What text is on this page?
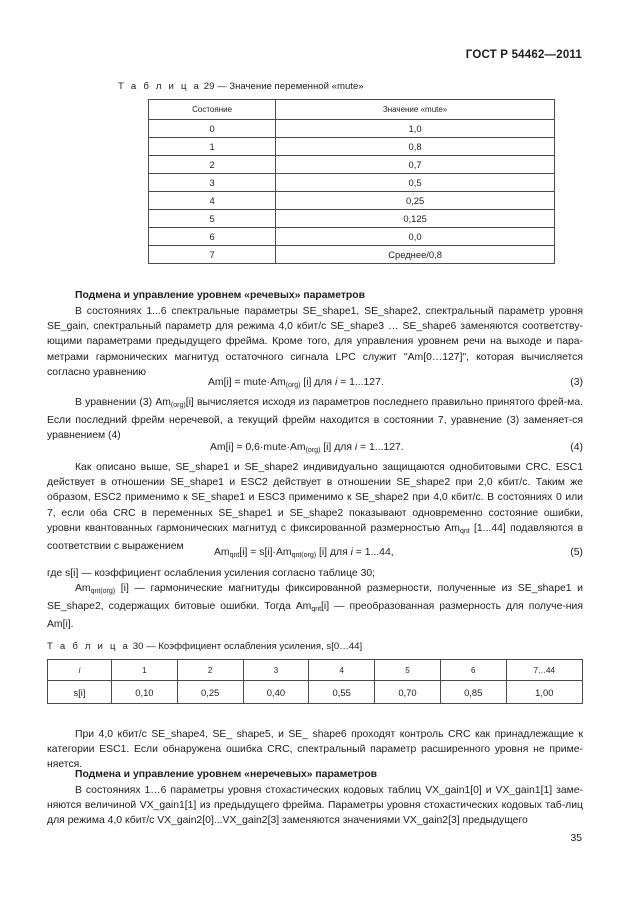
ГОСТ Р 54462—2011
Т а б л и ц а 29 — Значение переменной «mute»
Состояние	Значение «mute»
0	1,0
1	0,8
2	0,7
3	0,5
4	0,25
5	0,125
6	0,0
7	Среднее/0,8
Подмена и управление уровнем «речевых» параметров
В состояниях 1...6 спектральные параметры SE_shape1, SE_shape2, спектральный параметр уровня SE_gain, спектральный параметр для режима 4,0 кбит/с SE_shape3 … SE_shape6 заменяются соответству-ющими параметрами предыдущего фрейма. Кроме того, для управления уровнем речи на выходе и пара-метрами гармонических магнитуд остаточного сигнала LPC служит "Am[0…127]", которая вычисляется согласно уравнению
$Am[i] = mute\cdot Am_{(org)}$ [i] для i = 1...127.	(3)
В уравнении (3) $Am_{(org)}[i]$ вычисляется исходя из параметров последнего правильно принятого фрей-ма. Если последний фрейм неречевой, а текущий фрейм находится в состоянии 7, уравнение (3) заменяет-ся уравнением (4)
$Am[i] = 0,6\cdot mute\cdot Am_{(org)}$ [i] для i = 1...127.	(4)
Как описано выше, SE_shape1 и SE_shape2 индивидуально защищаются однобитовыми CRC. ESC1 действует в отношении SE_shape1 и ESC2 действует в отношении SE_shape2 при 2,0 кбит/с. Таким же образом, ESC2 применимо к SE_shape1 и ESC3 применимо к SE_shape2 при 4,0 кбит/с. В состояниях 0 или 7, если оба CRC в переменных SE_shape1 и SE_shape2 показывают одновременно состояние ошибки, уровни квантованных гармонических магнитуд с фиксированной размерностью $Am_{qnt}$ [1...44] подавляются в соответствии с выражением
$Am_{qnt}[i] = s[i]\cdot Am_{qnt(org)}$ [i] для i = 1...44,	(5)
где s[i] — коэффициент ослабления усиления согласно таблице 30;
$Am_{qnt(org)}$ [i] — гармонические магнитуды фиксированной размерности, полученные из SE_shape1 и SE_shape2, содержащих битовые ошибки. Тогда $Am_{qnt}[i]$ — преобразованная размерность для получе-ния Am[i].
Т а б л и ц а 30 — Коэффициент ослабления усиления, s[0…44]
i	1	2	3	4	5	6	7…44
s[i]	0,10	0,25	0,40	0,55	0,70	0,85	1,00
При 4,0 кбит/с SE_shape4, SE_ shape5, и SE_ shape6 проходят контроль CRC как принадлежащие к категории ESC1. Если обнаружена ошибка CRC, спектральный параметр расширенного уровня не приме-няется.
Подмена и управление уровнем «неречевых» параметров
В состояниях 1…6 параметры уровня стохастических кодовых таблиц VX_gain1[0] и VX_gain1[1] заме-няются величиной VX_gain1[1] из предыдущего фрейма. Параметры уровня стохастических кодовых таб-лиц для режима 4,0 кбит/с VX_gain2[0]...VX_gain2[3] заменяются значениями VX_gain2[3] предыдущего
35
